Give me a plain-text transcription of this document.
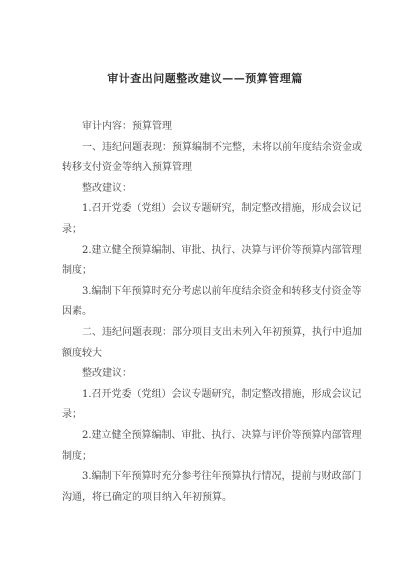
审计查出问题整改建议——预算管理篇

审计内容：预算管理

一、违纪问题表现：预算编制不完整，未将以前年度结余资金或转移支付资金等纳入预算管理

整改建议：

1.召开党委（党组）会议专题研究，制定整改措施，形成会议记录；

2.建立健全预算编制、审批、执行、决算与评价等预算内部管理制度；

3.编制下年预算时充分考虑以前年度结余资金和转移支付资金等因素。

二、违纪问题表现：部分项目支出未列入年初预算，执行中追加额度较大

整改建议：

1.召开党委（党组）会议专题研究，制定整改措施，形成会议记录；

2.建立健全预算编制、审批、执行、决算与评价等预算内部管理制度；

3.编制下年预算时充分参考往年预算执行情况，提前与财政部门沟通，将已确定的项目纳入年初预算。
